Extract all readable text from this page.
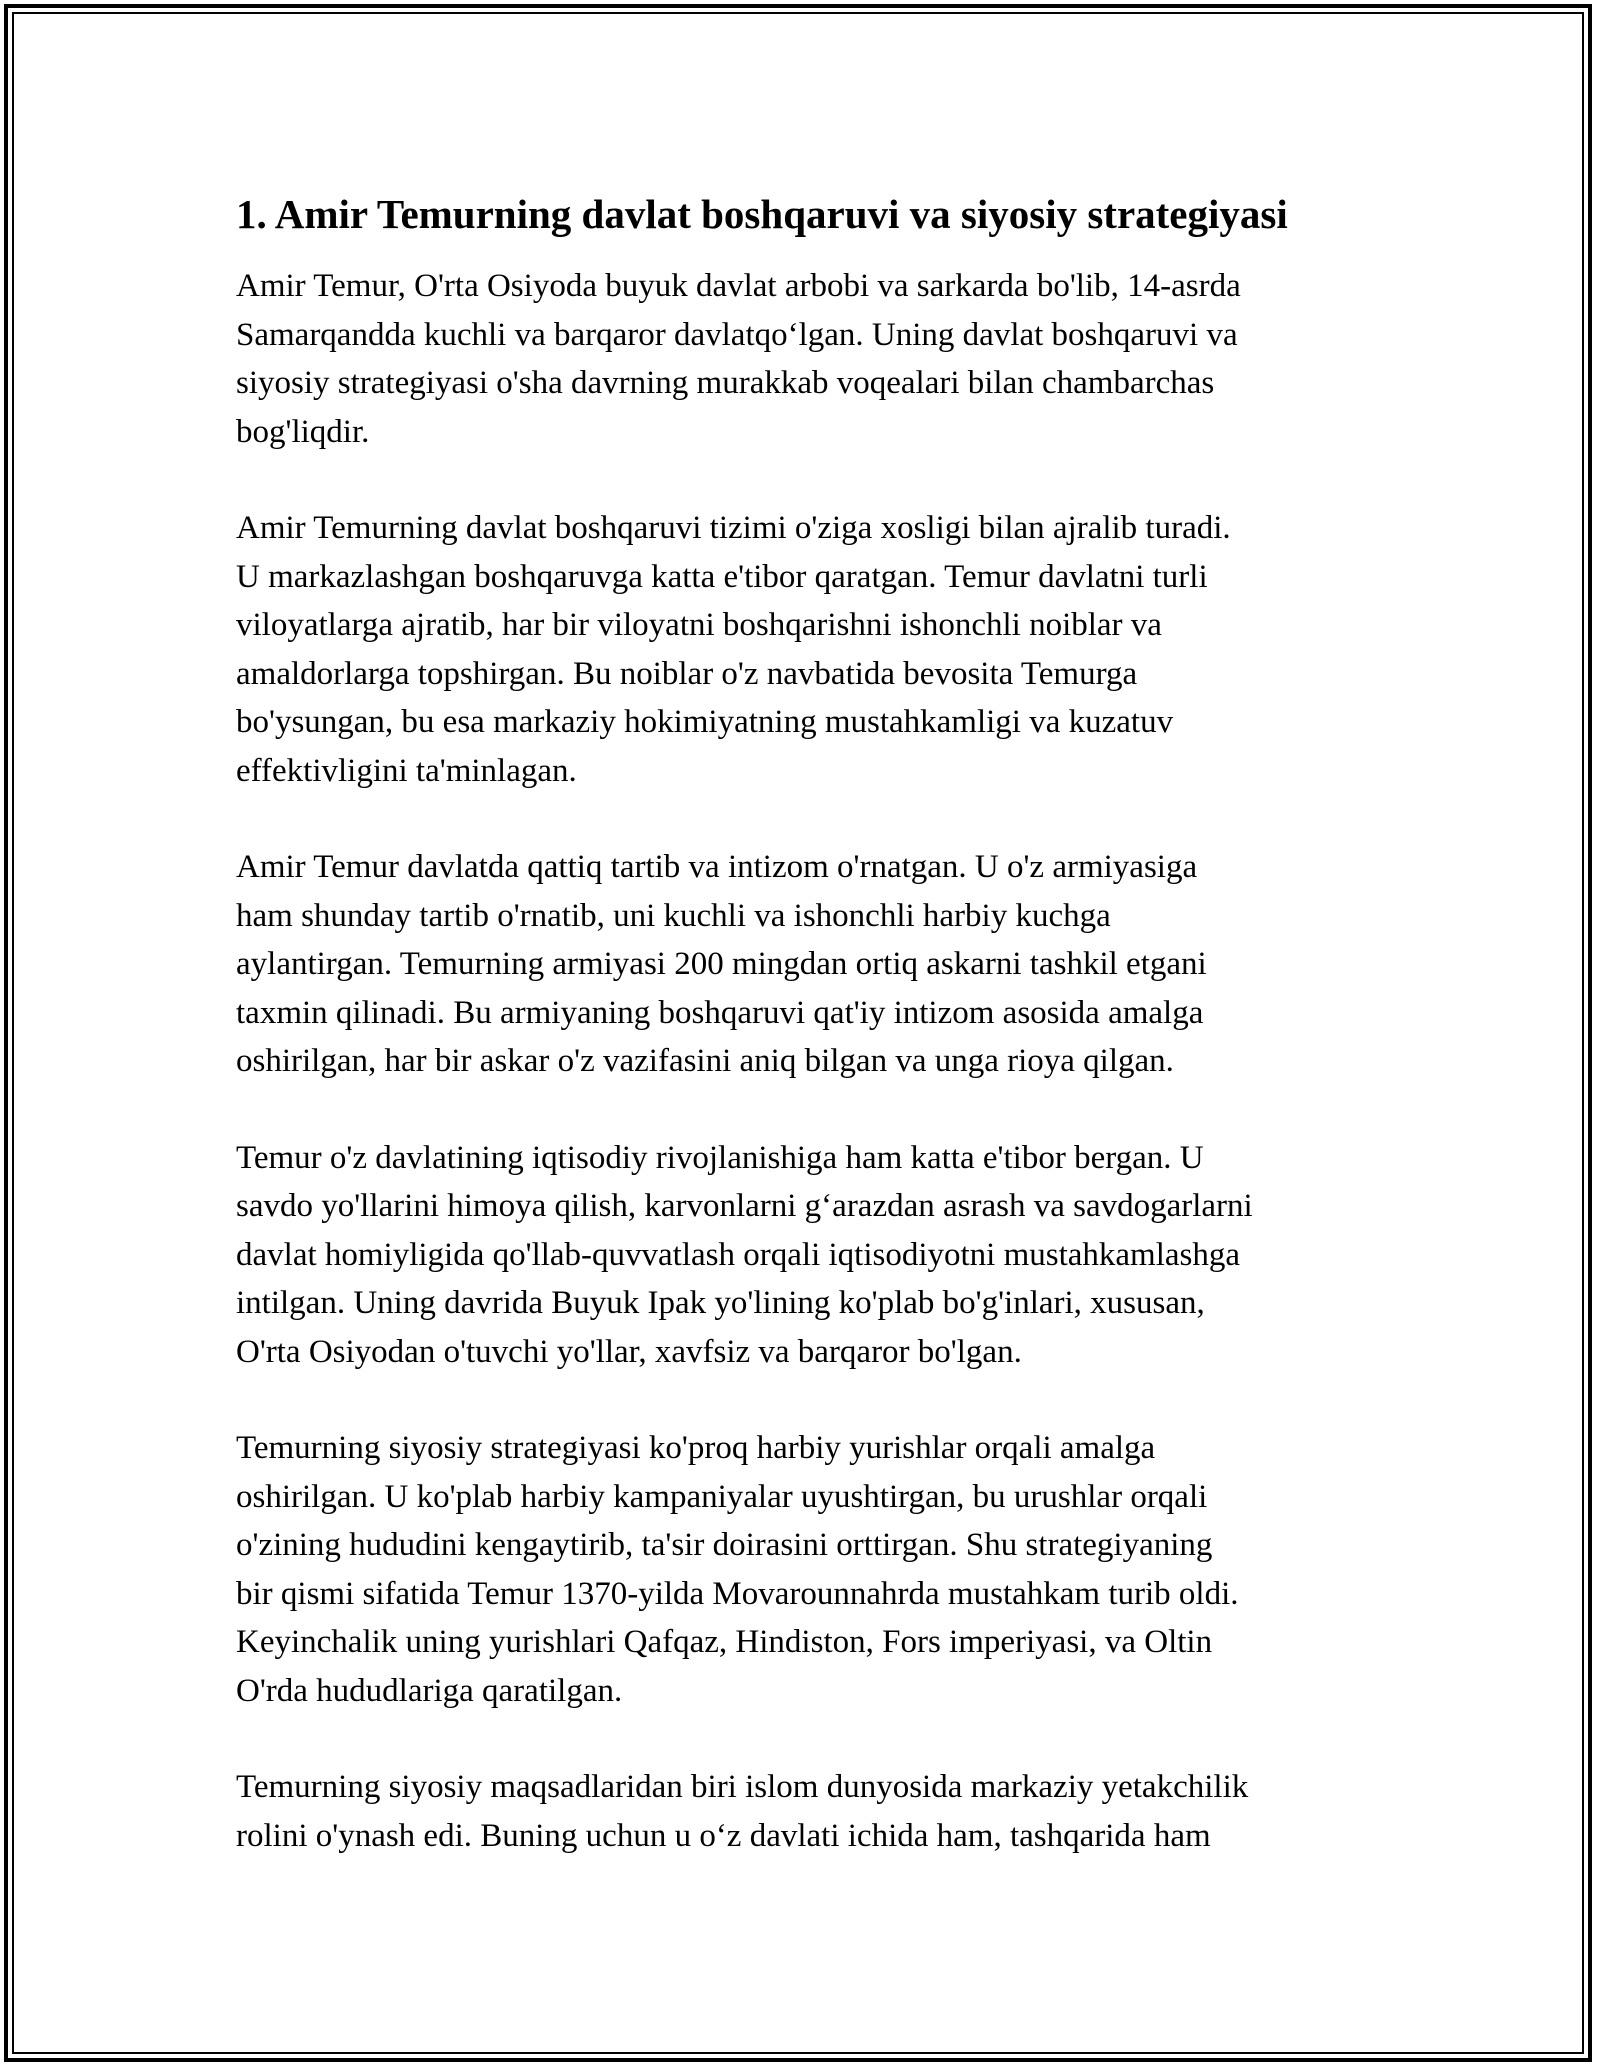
1. Amir Temurning davlat boshqaruvi va siyosiy strategiyasi

Amir Temur, O'rta Osiyoda buyuk davlat arbobi va sarkarda bo'lib, 14-asrda
Samarqandda kuchli va barqaror davlatqo‘lgan. Uning davlat boshqaruvi va
siyosiy strategiyasi o'sha davrning murakkab voqealari bilan chambarchas
bog'liqdir.

Amir Temurning davlat boshqaruvi tizimi o'ziga xosligi bilan ajralib turadi.
U markazlashgan boshqaruvga katta e'tibor qaratgan. Temur davlatni turli
viloyatlarga ajratib, har bir viloyatni boshqarishni ishonchli noiblar va
amaldorlarga topshirgan. Bu noiblar o'z navbatida bevosita Temurga
bo'ysungan, bu esa markaziy hokimiyatning mustahkamligi va kuzatuv
effektivligini ta'minlagan.

Amir Temur davlatda qattiq tartib va intizom o'rnatgan. U o'z armiyasiga
ham shunday tartib o'rnatib, uni kuchli va ishonchli harbiy kuchga
aylantirgan. Temurning armiyasi 200 mingdan ortiq askarni tashkil etgani
taxmin qilinadi. Bu armiyaning boshqaruvi qat'iy intizom asosida amalga
oshirilgan, har bir askar o'z vazifasini aniq bilgan va unga rioya qilgan.

Temur o'z davlatining iqtisodiy rivojlanishiga ham katta e'tibor bergan. U
savdo yo'llarini himoya qilish, karvonlarni g‘arazdan asrash va savdogarlarni
davlat homiyligida qo'llab-quvvatlash orqali iqtisodiyotni mustahkamlashga
intilgan. Uning davrida Buyuk Ipak yo'lining ko'plab bo'g'inlari, xususan,
O'rta Osiyodan o'tuvchi yo'llar, xavfsiz va barqaror bo'lgan.

Temurning siyosiy strategiyasi ko'proq harbiy yurishlar orqali amalga
oshirilgan. U ko'plab harbiy kampaniyalar uyushtirgan, bu urushlar orqali
o'zining hududini kengaytirib, ta'sir doirasini orttirgan. Shu strategiyaning
bir qismi sifatida Temur 1370-yilda Movarounnahrda mustahkam turib oldi.
Keyinchalik uning yurishlari Qafqaz, Hindiston, Fors imperiyasi, va Oltin
O'rda hududlariga qaratilgan.

Temurning siyosiy maqsadlaridan biri islom dunyosida markaziy yetakchilik
rolini o'ynash edi. Buning uchun u o‘z davlati ichida ham, tashqarida ham
